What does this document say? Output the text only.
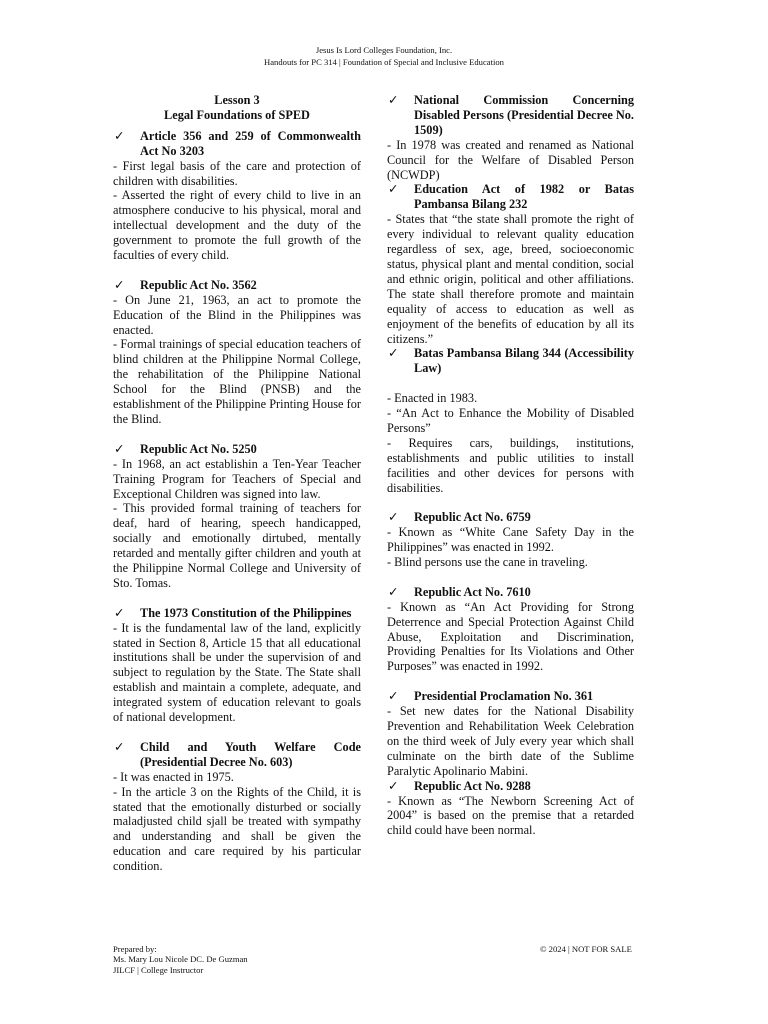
Jesus Is Lord Colleges Foundation, Inc.
Handouts for PC 314 | Foundation of Special and Inclusive Education

Lesson 3

Legal Foundations of SPED

✓	Article 356 and 259 of Commonwealth Act No 3203

- First legal basis of the care and protection of children with disabilities.

- Asserted the right of every child to live in an atmosphere conducive to his physical, moral and intellectual development and the duty of the government to promote the full growth of the faculties of every child.

✓	Republic Act No. 3562

- On June 21, 1963, an act to promote the Education of the Blind in the Philippines was enacted.

- Formal trainings of special education teachers of blind children at the Philippine Normal College, the rehabilitation of the Philippine National School for the Blind (PNSB) and the establishment of the Philippine Printing House for the Blind.

✓	Republic Act No. 5250

- In 1968, an act establishin a Ten-Year Teacher Training Program for Teachers of Special and Exceptional Children was signed into law.

- This provided formal training of teachers for deaf, hard of hearing, speech handicapped, socially and emotionally dirtubed, mentally retarded and mentally gifter children and youth at the Philippine Normal College and University of Sto. Tomas.

✓	The 1973 Constitution of the Philippines

- It is the fundamental law of the land, explicitly stated in Section 8, Article 15 that all educational institutions shall be under the supervision of and subject to regulation by the State. The State shall establish and maintain a complete, adequate, and integrated system of education relevant to goals of national development.

✓	Child and Youth Welfare Code (Presidential Decree No. 603)

- It was enacted in 1975.

- In the article 3 on the Rights of the Child, it is stated that the emotionally disturbed or socially maladjusted child sjall be treated with sympathy and understanding and shall be given the education and care required by his particular condition.

✓	National Commission Concerning Disabled Persons (Presidential Decree No. 1509)

- In 1978 was created and renamed as National Council for the Welfare of Disabled Person (NCWDP)

✓	Education Act of 1982 or Batas Pambansa Bilang 232

- States that “the state shall promote the right of every individual to relevant quality education regardless of sex, age, breed, socioeconomic status, physical plant and mental condition, social and ethnic origin, political and other affiliations. The state shall therefore promote and maintain equality of access to education as well as enjoyment of the benefits of education by all its citizens.”

✓	Batas Pambansa Bilang 344 (Accessibility Law)

- Enacted in 1983.

- “An Act to Enhance the Mobility of Disabled Persons”

- Requires cars, buildings, institutions, establishments and public utilities to install facilities and other devices for persons with disabilities.

✓	Republic Act No. 6759

- Known as “White Cane Safety Day in the Philippines” was enacted in 1992.

- Blind persons use the cane in traveling.

✓	Republic Act No. 7610

- Known as “An Act Providing for Strong Deterrence and Special Protection Against Child Abuse, Exploitation and Discrimination, Providing Penalties for Its Violations and Other Purposes” was enacted in 1992.

✓	Presidential Proclamation No. 361

- Set new dates for the National Disability Prevention and Rehabilitation Week Celebration on the third week of July every year which shall culminate on the birth date of the Sublime Paralytic Apolinario Mabini.

✓	Republic Act No. 9288

- Known as “The Newborn Screening Act of 2004” is based on the premise that a retarded child could have been normal.

Prepared by:
Ms. Mary Lou Nicole DC. De Guzman
JILCF | College Instructor
© 2024 | NOT FOR SALE
